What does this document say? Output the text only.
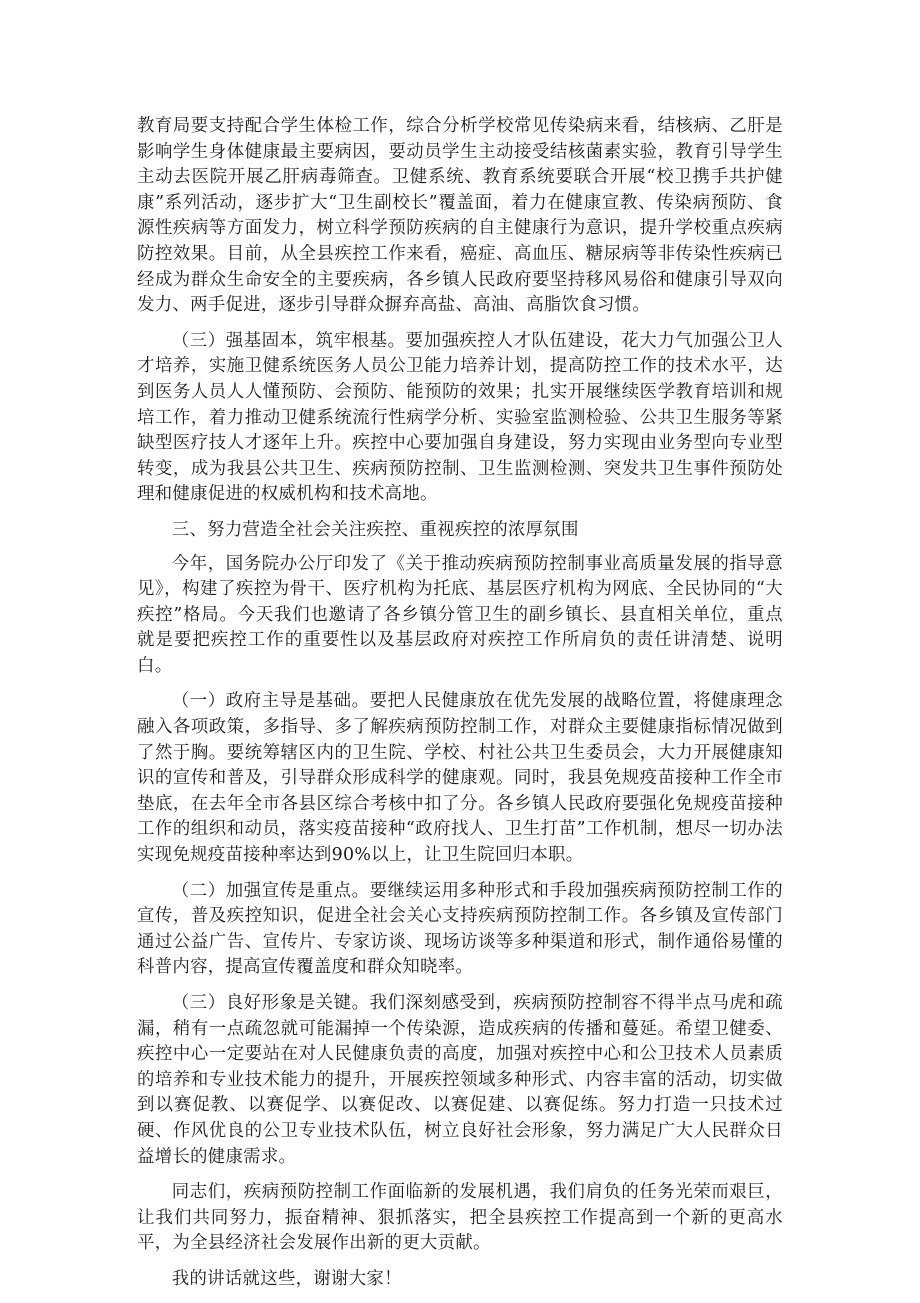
教育局要支持配合学生体检工作，综合分析学校常见传染病来看，结核病、乙肝是影响学生身体健康最主要病因，要动员学生主动接受结核菌素实验，教育引导学生主动去医院开展乙肝病毒筛查。卫健系统、教育系统要联合开展“校卫携手共护健康”系列活动，逐步扩大“卫生副校长”覆盖面，着力在健康宣教、传染病预防、食源性疾病等方面发力，树立科学预防疾病的自主健康行为意识，提升学校重点疾病防控效果。目前，从全县疾控工作来看，癌症、高血压、糖尿病等非传染性疾病已经成为群众生命安全的主要疾病，各乡镇人民政府要坚持移风易俗和健康引导双向发力、两手促进，逐步引导群众摒弃高盐、高油、高脂饮食习惯。

（三）强基固本，筑牢根基。要加强疾控人才队伍建设，花大力气加强公卫人才培养，实施卫健系统医务人员公卫能力培养计划，提高防控工作的技术水平，达到医务人员人人懂预防、会预防、能预防的效果；扎实开展继续医学教育培训和规培工作，着力推动卫健系统流行性病学分析、实验室监测检验、公共卫生服务等紧缺型医疗技人才逐年上升。疾控中心要加强自身建设，努力实现由业务型向专业型转变，成为我县公共卫生、疾病预防控制、卫生监测检测、突发共卫生事件预防处理和健康促进的权威机构和技术高地。

三、努力营造全社会关注疾控、重视疾控的浓厚氛围

今年，国务院办公厅印发了《关于推动疾病预防控制事业高质量发展的指导意见》，构建了疾控为骨干、医疗机构为托底、基层医疗机构为网底、全民协同的“大疾控”格局。今天我们也邀请了各乡镇分管卫生的副乡镇长、县直相关单位，重点就是要把疾控工作的重要性以及基层政府对疾控工作所肩负的责任讲清楚、说明白。

（一）政府主导是基础。要把人民健康放在优先发展的战略位置，将健康理念融入各项政策，多指导、多了解疾病预防控制工作，对群众主要健康指标情况做到了然于胸。要统筹辖区内的卫生院、学校、村社公共卫生委员会，大力开展健康知识的宣传和普及，引导群众形成科学的健康观。同时，我县免规疫苗接种工作全市垫底，在去年全市各县区综合考核中扣了分。各乡镇人民政府要强化免规疫苗接种工作的组织和动员，落实疫苗接种“政府找人、卫生打苗”工作机制，想尽一切办法实现免规疫苗接种率达到90%以上，让卫生院回归本职。

（二）加强宣传是重点。要继续运用多种形式和手段加强疾病预防控制工作的宣传，普及疾控知识，促进全社会关心支持疾病预防控制工作。各乡镇及宣传部门通过公益广告、宣传片、专家访谈、现场访谈等多种渠道和形式，制作通俗易懂的科普内容，提高宣传覆盖度和群众知晓率。

（三）良好形象是关键。我们深刻感受到，疾病预防控制容不得半点马虎和疏漏，稍有一点疏忽就可能漏掉一个传染源，造成疾病的传播和蔓延。希望卫健委、疾控中心一定要站在对人民健康负责的高度，加强对疾控中心和公卫技术人员素质的培养和专业技术能力的提升，开展疾控领域多种形式、内容丰富的活动，切实做到以赛促教、以赛促学、以赛促改、以赛促建、以赛促练。努力打造一只技术过硬、作风优良的公卫专业技术队伍，树立良好社会形象，努力满足广大人民群众日益增长的健康需求。

同志们，疾病预防控制工作面临新的发展机遇，我们肩负的任务光荣而艰巨，让我们共同努力，振奋精神、狠抓落实，把全县疾控工作提高到一个新的更高水平，为全县经济社会发展作出新的更大贡献。

我的讲话就这些，谢谢大家！
